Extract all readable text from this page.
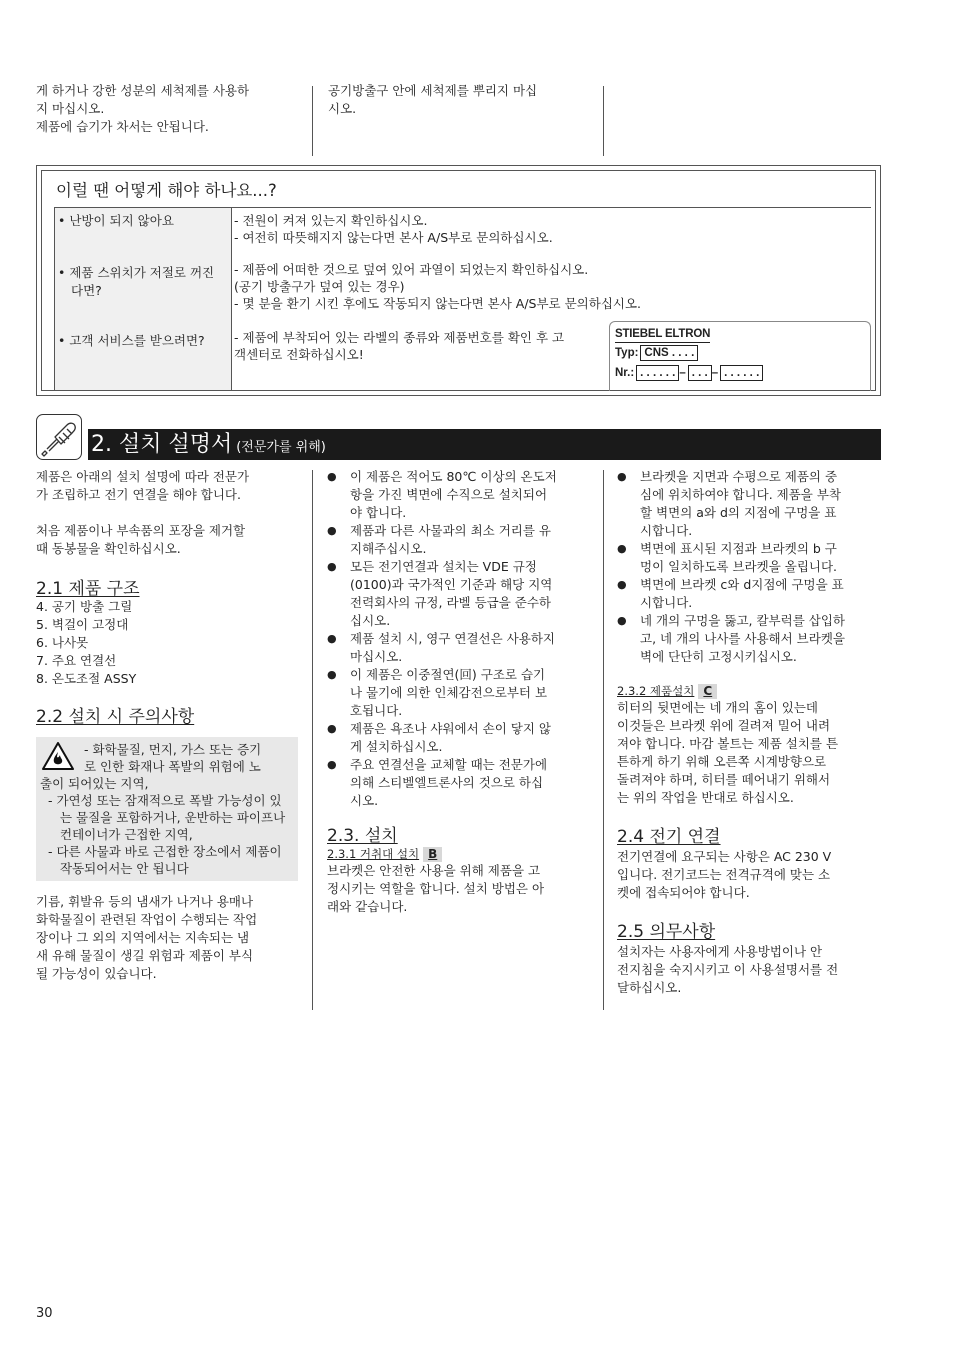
게 하거나 강한 성분의 세척제를 사용하
지 마십시오.
제품에 습기가 차서는 안됩니다.

공기방출구 안에 세척제를 뿌리지 마십
시오.

이럴 땐 어떻게 해야 하나요...?
• 난방이 되지 않아요	- 전원이 켜져 있는지 확인하십시오.
- 여전히 따뜻해지지 않는다면 본사 A/S부로 문의하십시오.

• 제품 스위치가 저절로 꺼진다면?

- 제품에 어떠한 것으로 덮여 있어 과열이 되었는지 확인하십시오.
(공기 방출구가 덮여 있는 경우)
- 몇 분을 환기 시킨 후에도 작동되지 않는다면 본사 A/S부로 문의하십시오.

• 고객 서비스를 받으려면?	- 제품에 부착되어 있는 라벨의 종류와 제품번호를 확인 후 고
객센터로 전화하십시오!

STIEBEL ELTRON
Typ: CNS . . . .
Nr.: . . . . . . – . . . – . . . . . .
2. 설치 설명서 (전문가를 위해)

제품은 아래의 설치 설명에 따라 전문가
가 조립하고 전기 연결을 해야 합니다.

처음 제품이나 부속품의 포장을 제거할
때 동봉물을 확인하십시오.

2.1 제품 구조
4. 공기 방출 그릴
5. 벽걸이 고정대
6. 나사못
7. 주요 연결선
8. 온도조절 ASSY
2.2 설치 시 주의사항

- 화학물질, 먼지, 가스 또는 증기
로 인한 화재나 폭발의 위험에 노

출이 되어있는 지역,
- 가연성 또는 잠재적으로 폭발 가능성이 있는 물질을 포함하거나, 운반하는 파이프나 컨테이너가 근접한 지역,
- 다른 사물과 바로 근접한 장소에서 제품이 작동되어서는 안 됩니다

기름, 휘발유 등의 냄새가 나거나 용매나
화학물질이 관련된 작업이 수행되는 작업
장이나 그 외의 지역에서는 지속되는 냄
새 유해 물질이 생길 위험과 제품이 부식
될 가능성이 있습니다.

● 이 제품은 적어도 80℃ 이상의 온도저
항을 가진 벽면에 수직으로 설치되어
야 합니다.

● 제품과 다른 사물과의 최소 거리를 유
지해주십시오.

● 모든 전기연결과 설치는 VDE 규정
(0100)과 국가적인 기준과 해당 지역
전력회사의 규정, 라벨 등급을 준수하
십시오.

● 제품 설치 시, 영구 연결선은 사용하지
마십시오.

● 이 제품은 이중절연(回) 구조로 습기
나 물기에 의한 인체감전으로부터 보
호됩니다.

● 제품은 욕조나 샤워에서 손이 닿지 않
게 설치하십시오.

● 주요 연결선을 교체할 때는 전문가에
의해 스티벨엘트론사의 것으로 하십
시오.

2.3. 설치
2.3.1 거취대 설치 B

브라켓은 안전한 사용을 위해 제품을 고
정시키는 역할을 합니다. 설치 방법은 아
래와 같습니다.

● 브라켓을 지면과 수평으로 제품의 중
심에 위치하여야 합니다. 제품을 부착
할 벽면의 a와 d의 지점에 구멍을 표
시합니다.

● 벽면에 표시된 지점과 브라켓의 b 구
멍이 일치하도록 브라켓을 올립니다.

● 벽면에 브라켓 c와 d지점에 구멍을 표
시합니다.

● 네 개의 구멍을 뚫고, 칼부럭를 삽입하
고, 네 개의 나사를 사용해서 브라켓을
벽에 단단히 고정시키십시오.

2.3.2 제품설치 C

히터의 뒷면에는 네 개의 홈이 있는데
이것들은 브라켓 위에 걸려져 밀어 내려
져야 합니다. 마감 볼트는 제품 설치를 튼
튼하게 하기 위해 오른쪽 시계방향으로
돌려져야 하며, 히터를 떼어내기 위해서
는 위의 작업을 반대로 하십시오.

2.4 전기 연결

전기연결에 요구되는 사항은 AC 230 V
입니다. 전기코드는 전격규격에 맞는 소
켓에 접속되어야 합니다.

2.5 의무사항

설치자는 사용자에게 사용방법이나 안
전지침을 숙지시키고 이 사용설명서를 전
달하십시오.

30
